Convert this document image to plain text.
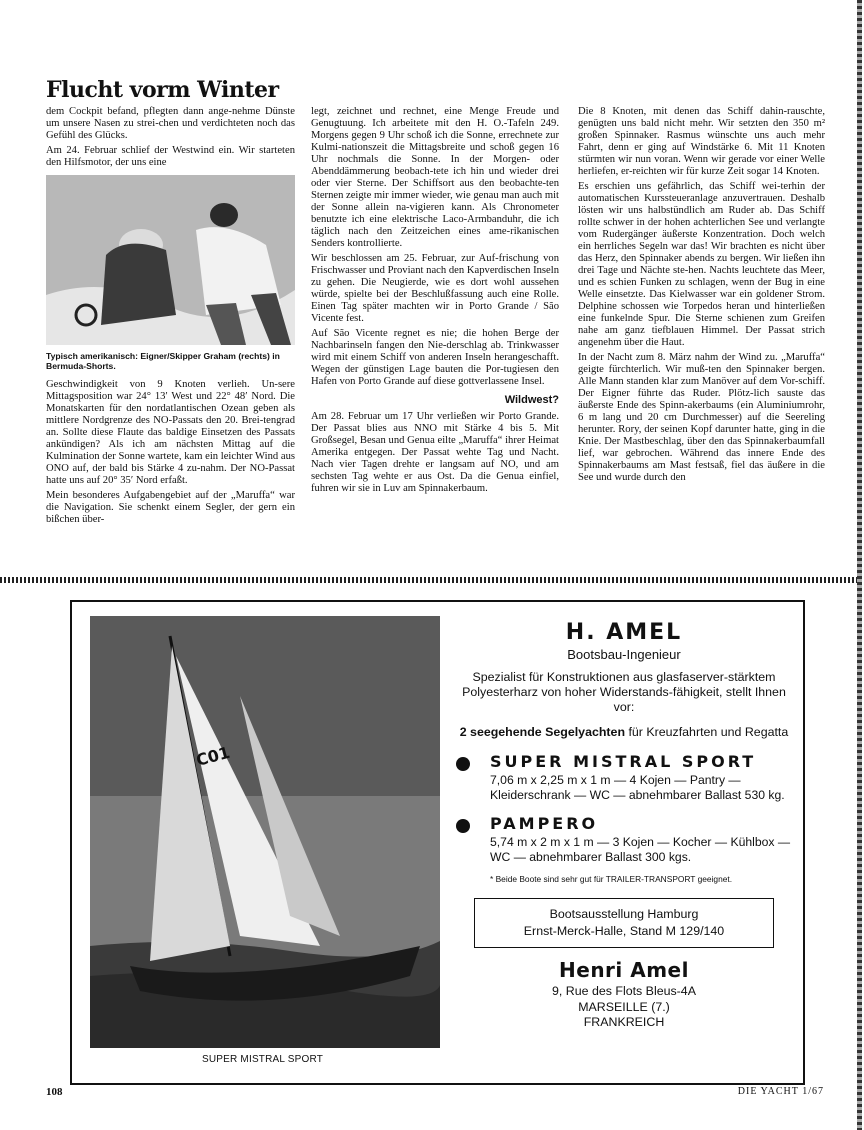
Flucht vorm Winter

dem Cockpit befand, pflegten dann ange-nehme Dünste um unsere Nasen zu strei-chen und verdichteten noch das Gefühl des Glücks.

Am 24. Februar schlief der Westwind ein. Wir starteten den Hilfsmotor, der uns eine

Typisch amerikanisch: Eigner/Skipper Graham (rechts) in Bermuda-Shorts.

Geschwindigkeit von 9 Knoten verlieh. Un-sere Mittagsposition war 24° 13′ West und 22° 48′ Nord. Die Monatskarten für den nordatlantischen Ozean geben als mittlere Nordgrenze des NO-Passats den 20. Brei-tengrad an. Sollte diese Flaute das baldige Einsetzen des Passats ankündigen? Als ich am nächsten Mittag auf die Kulmination der Sonne wartete, kam ein leichter Wind aus ONO auf, der bald bis Stärke 4 zu-nahm. Der NO-Passat hatte uns auf 20° 35′ Nord erfaßt.

Mein besonderes Aufgabengebiet auf der „Maruffa“ war die Navigation. Sie schenkt einem Segler, der gern ein bißchen über-

legt, zeichnet und rechnet, eine Menge Freude und Genugtuung. Ich arbeitete mit den H. O.-Tafeln 249. Morgens gegen 9 Uhr schoß ich die Sonne, errechnete zur Kulmi-nationszeit die Mittagsbreite und schoß gegen 16 Uhr nochmals die Sonne. In der Morgen- oder Abenddämmerung beobach-tete ich hin und wieder drei oder vier Sterne. Der Schiffsort aus den beobachte-ten Sternen zeigte mir immer wieder, wie genau man auch mit der Sonne allein na-vigieren kann. Als Chronometer benutzte ich eine elektrische Laco-Armbanduhr, die ich täglich nach den Zeitzeichen eines ame-rikanischen Senders kontrollierte.

Wir beschlossen am 25. Februar, zur Auf-frischung von Frischwasser und Proviant nach den Kapverdischen Inseln zu gehen. Die Neugierde, wie es dort wohl aussehen würde, spielte bei der Beschlußfassung auch eine Rolle. Einen Tag später machten wir in Porto Grande / São Vicente fest.

Auf São Vicente regnet es nie; die hohen Berge der Nachbarinseln fangen den Nie-derschlag ab. Trinkwasser wird mit einem Schiff von anderen Inseln herangeschafft. Wegen der günstigen Lage bauten die Por-tugiesen den Hafen von Porto Grande auf diese gottverlassene Insel.

Wildwest?

Am 28. Februar um 17 Uhr verließen wir Porto Grande. Der Passat blies aus NNO mit Stärke 4 bis 5. Mit Großsegel, Besan und Genua eilte „Maruffa“ ihrer Heimat Amerika entgegen. Der Passat wehte Tag und Nacht. Nach vier Tagen drehte er langsam auf NO, und am sechsten Tag wehte er aus Ost. Da die Genua einfiel, fuhren wir sie in Luv am Spinnakerbaum.

Die 8 Knoten, mit denen das Schiff dahin-rauschte, genügten uns bald nicht mehr. Wir setzten den 350 m² großen Spinnaker. Rasmus wünschte uns auch mehr Fahrt, denn er ging auf Windstärke 6. Mit 11 Knoten stürmten wir nun voran. Wenn wir gerade vor einer Welle herliefen, er-reichten wir für kurze Zeit sogar 14 Knoten.

Es erschien uns gefährlich, das Schiff wei-terhin der automatischen Kurssteueranlage anzuvertrauen. Deshalb lösten wir uns halbstündlich am Ruder ab. Das Schiff rollte schwer in der hohen achterlichen See und verlangte vom Rudergänger äußerste Konzentration. Doch welch ein herrliches Segeln war das! Wir brachten es nicht über das Herz, den Spinnaker abends zu bergen. Wir ließen ihn drei Tage und Nächte ste-hen. Nachts leuchtete das Meer, und es schien Funken zu schlagen, wenn der Bug in eine Welle einsetzte. Das Kielwasser war ein goldener Strom. Delphine schossen wie Torpedos heran und hinterließen eine funkelnde Spur. Die Sterne schienen zum Greifen nahe am ganz tiefblauen Himmel. Der Passat strich angenehm über die Haut.

In der Nacht zum 8. März nahm der Wind zu. „Maruffa“ geigte fürchterlich. Wir muß-ten den Spinnaker bergen. Alle Mann standen klar zum Manöver auf dem Vor-schiff. Der Eigner führte das Ruder. Plötz-lich sauste das äußerste Ende des Spinn-akerbaums (ein Aluminiumrohr, 6 m lang und 20 cm Durchmesser) auf die Seereling herunter. Rory, der seinen Kopf darunter hatte, ging in die Knie. Der Mastbeschlag, über den das Spinnakerbaumfall lief, war gebrochen. Während das innere Ende des Spinnakerbaums am Mast festsaß, fiel das äußere in die See und wurde durch den

C01
SUPER MISTRAL SPORT
H. AMEL
Bootsbau-Ingenieur
Spezialist für Konstruktionen aus glasfaserver-stärktem Polyesterharz von hoher Widerstands-fähigkeit, stellt Ihnen vor:
2 seegehende Segelyachten für Kreuzfahrten und Regatta
SUPER MISTRAL SPORT
7,06 m x 2,25 m x 1 m — 4 Kojen — Pantry — Kleiderschrank — WC — abnehmbarer Ballast 530 kg.
PAMPERO
5,74 m x 2 m x 1 m — 3 Kojen — Kocher — Kühlbox — WC — abnehmbarer Ballast 300 kgs.
* Beide Boote sind sehr gut für TRAILER-TRANSPORT geeignet.
Bootsausstellung Hamburg
Ernst-Merck-Halle, Stand M 129/140
Henri Amel
9, Rue des Flots Bleus-4A
MARSEILLE (7.)
FRANKREICH
108	DIE YACHT 1/67
